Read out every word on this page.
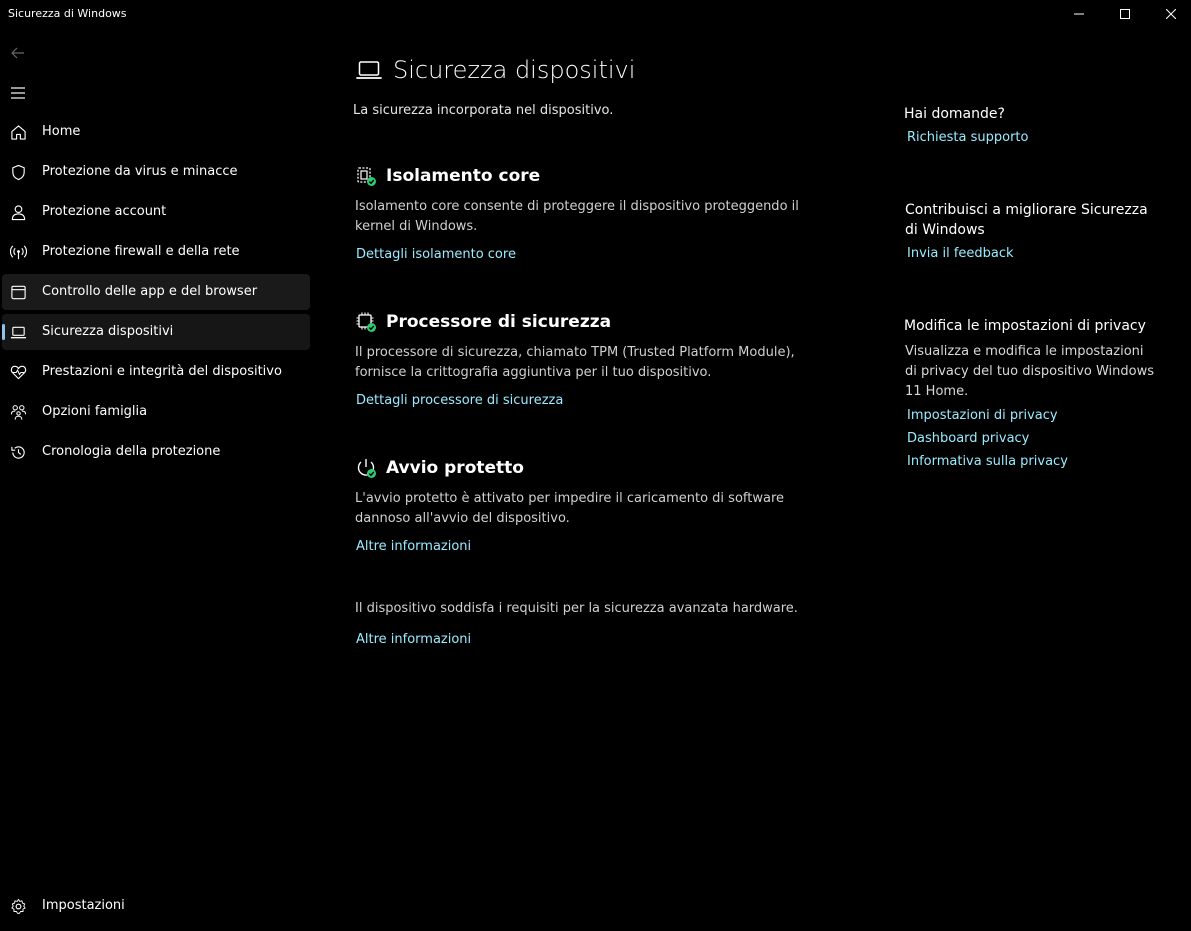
Sicurezza di Windows
Home
Protezione da virus e minacce
Protezione account
Protezione firewall e della rete
Controllo delle app e del browser
Sicurezza dispositivi
Prestazioni e integrità del dispositivo
Opzioni famiglia
Cronologia della protezione
Impostazioni
Sicurezza dispositivi
La sicurezza incorporata nel dispositivo.
Isolamento core
Isolamento core consente di proteggere il dispositivo proteggendo il kernel di Windows.
Dettagli isolamento core
Processore di sicurezza
Il processore di sicurezza, chiamato TPM (Trusted Platform Module), fornisce la crittografia aggiuntiva per il tuo dispositivo.
Dettagli processore di sicurezza
Avvio protetto
L'avvio protetto è attivato per impedire il caricamento di software dannoso all'avvio del dispositivo.
Altre informazioni
Il dispositivo soddisfa i requisiti per la sicurezza avanzata hardware.
Altre informazioni
Hai domande?
Richiesta supporto
Contribuisci a migliorare Sicurezza di Windows
Invia il feedback
Modifica le impostazioni di privacy
Visualizza e modifica le impostazioni di privacy del tuo dispositivo Windows 11 Home.
Impostazioni di privacy
Dashboard privacy
Informativa sulla privacy
